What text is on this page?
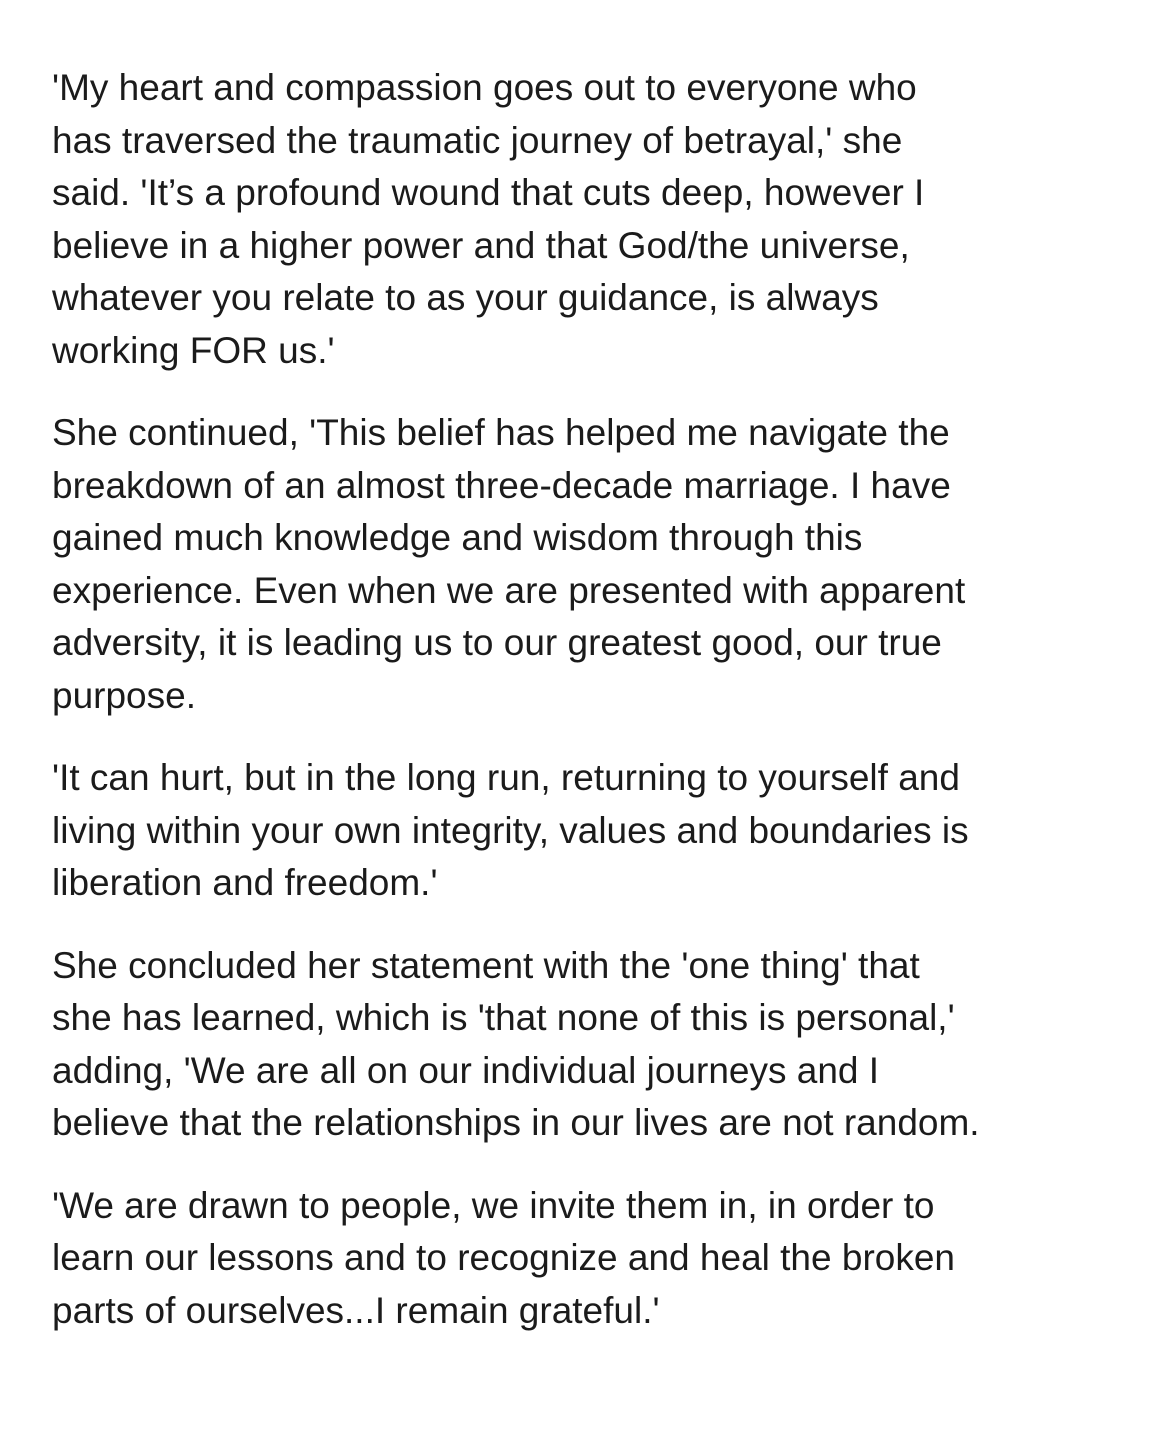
'My heart and compassion goes out to everyone who
has traversed the traumatic journey of betrayal,' she
said. 'It’s a profound wound that cuts deep, however I
believe in a higher power and that God/the universe,
whatever you relate to as your guidance, is always
working FOR us.'

She continued, 'This belief has helped me navigate the
breakdown of an almost three-decade marriage. I have
gained much knowledge and wisdom through this
experience. Even when we are presented with apparent
adversity, it is leading us to our greatest good, our true
purpose.

'It can hurt, but in the long run, returning to yourself and
living within your own integrity, values and boundaries is
liberation and freedom.'

She concluded her statement with the 'one thing' that
she has learned, which is 'that none of this is personal,'
adding, 'We are all on our individual journeys and I
believe that the relationships in our lives are not random.

'We are drawn to people, we invite them in, in order to
learn our lessons and to recognize and heal the broken
parts of ourselves...I remain grateful.'
